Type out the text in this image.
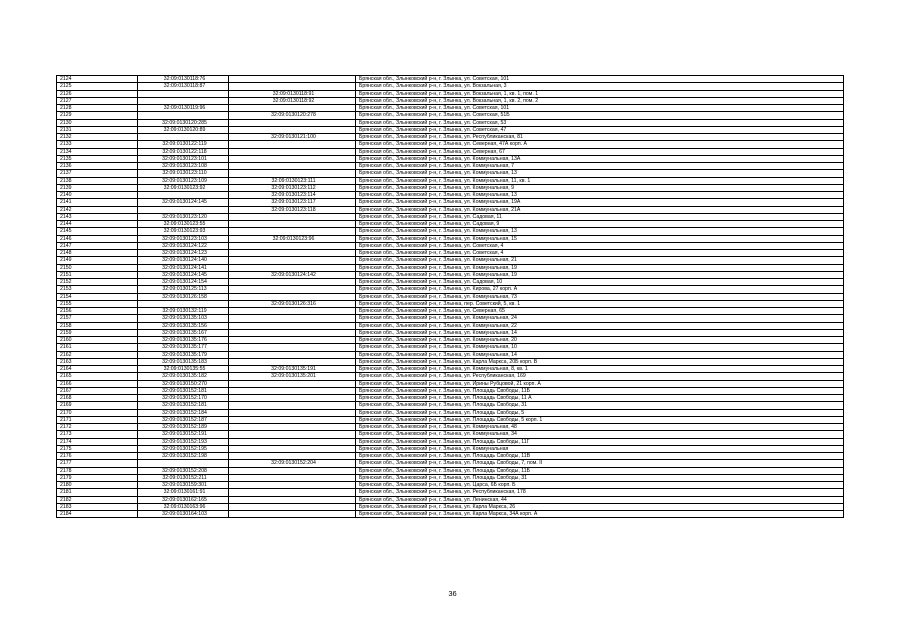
2124	32:09:0130118:76		Брянская обл., Злынковский р-н, г. Злынка, ул. Советская, 101
2125	32:09:0130118:87		Брянская обл., Злынковский р-н, г. Злынка, ул. Вокзальная, 3
2126		32:09:0130118:91	Брянская обл., Злынковский р-н, г. Злынка, ул. Вокзальная, 1, кв. 1, пом. 1
2127		32:09:0130118:92	Брянская обл., Злынковский р-н, г. Злынка, ул. Вокзальная, 1, кв. 2, пом. 2
2128	32:09:0130119:96		Брянская обл., Злынковский р-н, г. Злынка, ул. Советская, 101
2129		32:09:0130120:278	Брянская обл., Злынковский р-н, г. Злынка, ул. Советская, 51Б
2130	32:09:0130120:285		Брянская обл., Злынковский р-н, г. Злынка, ул. Советская, 53
2131	32:09:0130120:89		Брянская обл., Злынковский р-н, г. Злынка, ул. Советская, 47
2132		32:09:0130121:100	Брянская обл., Злынковский р-н, г. Злынка, ул. Республиканская, 81
2133	32:09:0130122:119		Брянская обл., Злынковский р-н, г. Злынка, ул. Северная, 47А корп. А
2134	32:09:0130122:118		Брянская обл., Злынковский р-н, г. Злынка, ул. Северная, 67
2135	32:09:0130123:101		Брянская обл., Злынковский р-н, г. Злынка, ул. Коммунальная, 13А
2136	32:09:0130123:108		Брянская обл., Злынковский р-н, г. Злынка, ул. Коммунальная, 7
2137	32:09:0130123:110		Брянская обл., Злынковский р-н, г. Злынка, ул. Коммунальная, 13
2138	32:09:0130123:109	32:09:0130123:111	Брянская обл., Злынковский р-н, г. Злынка, ул. Коммунальная, 11, кв. 1
2139	32:09:0130123:92	32:09:0130123:112	Брянская обл., Злынковский р-н, г. Злынка, ул. Коммунальная, 9
2140		32:09:0130123:114	Брянская обл., Злынковский р-н, г. Злынка, ул. Коммунальная, 13
2141	32:09:0130124:145	32:09:0130123:117	Брянская обл., Злынковский р-н, г. Злынка, ул. Коммунальная, 19А
2142		32:09:0130123:118	Брянская обл., Злынковский р-н, г. Злынка, ул. Коммунальная, 21А
2143	32:09:0130123:120		Брянская обл., Злынковский р-н, г. Злынка, ул. Садовая, 11
2144	32:09:0130123:55		Брянская обл., Злынковский р-н, г. Злынка, ул. Садовая, 9
2145	32:09:0130123:93		Брянская обл., Злынковский р-н, г. Злынка, ул. Коммунальная, 13
2146	32:09:0130123:103	32:09:0130123:96	Брянская обл., Злынковский р-н, г. Злынка, ул. Коммунальная, 15
2147	32:09:0130124:122		Брянская обл., Злынковский р-н, г. Злынка, ул. Советская, 4
2148	32:09:0130124:123		Брянская обл., Злынковский р-н, г. Злынка, ул. Советская, 4
2149	32:09:0130124:140		Брянская обл., Злынковский р-н, г. Злынка, ул. Коммунальная, 21
2150	32:09:0130124:141		Брянская обл., Злынковский р-н, г. Злынка, ул. Коммунальная, 19
2151	32:09:0130124:145	32:09:0130124:142	Брянская обл., Злынковский р-н, г. Злынка, ул. Коммунальная, 19
2152	32:09:0130124:154		Брянская обл., Злынковский р-н, г. Злынка, ул. Садовая, 10
2153	32:09:0130125:113		Брянская обл., Злынковский р-н, г. Злынка, ул. Кирова, 27 корп. А
2154	32:09:0130126:158		Брянская обл., Злынковский р-н, г. Злынка, ул. Коммунальная, 73
2155		32:09:0130126:316	Брянская обл., Злынковский р-н, г. Злынка, пер. Советский, 5, кв. 1
2156	32:09:0130132:119		Брянская обл., Злынковский р-н, г. Злынка, ул. Северная, 65
2157	32:09:0130135:103		Брянская обл., Злынковский р-н, г. Злынка, ул. Коммунальная, 24
2158	32:09:0130135:156		Брянская обл., Злынковский р-н, г. Злынка, ул. Коммунальная, 22
2159	32:09:0130135:167		Брянская обл., Злынковский р-н, г. Злынка, ул. Коммунальная, 14
2160	32:09:0130135:176		Брянская обл., Злынковский р-н, г. Злынка, ул. Коммунальная, 20
2161	32:09:0130135:177		Брянская обл., Злынковский р-н, г. Злынка, ул. Коммунальная, 10
2162	32:09:0130135:179		Брянская обл., Злынковский р-н, г. Злынка, ул. Коммунальная, 14
2163	32:09:0130135:183		Брянская обл., Злынковский р-н, г. Злынка, ул. Карла Маркса, 20Б корп. В
2164	32:09:0130135:55	32:09:0130135:191	Брянская обл., Злынковский р-н, г. Злынка, ул. Коммунальная, 8, кв. 1
2165	32:09:0130135:182	32:09:0130135:201	Брянская обл., Злынковский р-н, г. Злынка, ул. Республиканская, 169
2166	32:09:0130150:270		Брянская обл., Злынковский р-н, г. Злынка, ул. Ирины Рубцовой, 21 корп. А
2167	32:09:0130152:181		Брянская обл., Злынковский р-н, г. Злынка, ул. Площадь Свободы, 11Б
2168	32:09:0130152:170		Брянская обл., Злынковский р-н, г. Злынка, ул. Площадь Свободы, 11 А
2169	32:09:0130152:181		Брянская обл., Злынковский р-н, г. Злынка, ул. Площадь Свободы, 31
2170	32:09:0130152:184		Брянская обл., Злынковский р-н, г. Злынка, ул. Площадь Свободы, 5
2171	32:09:0130152:187		Брянская обл., Злынковский р-н, г. Злынка, ул. Площадь Свободы, 5 корп. 1
2172	32:09:0130152:189		Брянская обл., Злынковский р-н, г. Злынка, ул. Коммунальная, 48
2173	32:09:0130152:191		Брянская обл., Злынковский р-н, г. Злынка, ул. Коммунальная, 34
2174	32:09:0130152:193		Брянская обл., Злынковский р-н, г. Злынка, ул. Площадь Свободы, 11Г
2175	32:09:0130152:195		Брянская обл., Злынковский р-н, г. Злынка, ул. Коммунальная
2176	32:09:0130152:198		Брянская обл., Злынковский р-н, г. Злынка, ул. Площадь Свободы, 11В
2177		32:09:0130152:204	Брянская обл., Злынковский р-н, г. Злынка, ул. Площадь Свободы, 7, пом. II
2178	32:09:0130152:208		Брянская обл., Злынковский р-н, г. Злынка, ул. Площадь Свободы, 11Б
2179	32:09:0130152:211		Брянская обл., Злынковский р-н, г. Злынка, ул. Площадь Свободы, 31
2180	32:09:0130159:301		Брянская обл., Злынковский р-н, г. Злынка, ул. Царса, 6Б корп. Б
2181	32:09:0130161:91		Брянская обл., Злынковский р-н, г. Злынка, ул. Республиканская, 178
2182	32:09:0130162:165		Брянская обл., Злынковский р-н, г. Злынка, ул. Ленинская, 44
2183	32:09:0130163:96		Брянская обл., Злынковский р-н, г. Злынка, ул. Карла Маркса, 26
2184	32:09:0130164:103		Брянская обл., Злынковский р-н, г. Злынка, ул. Карла Маркса, 34А корп. А
36
